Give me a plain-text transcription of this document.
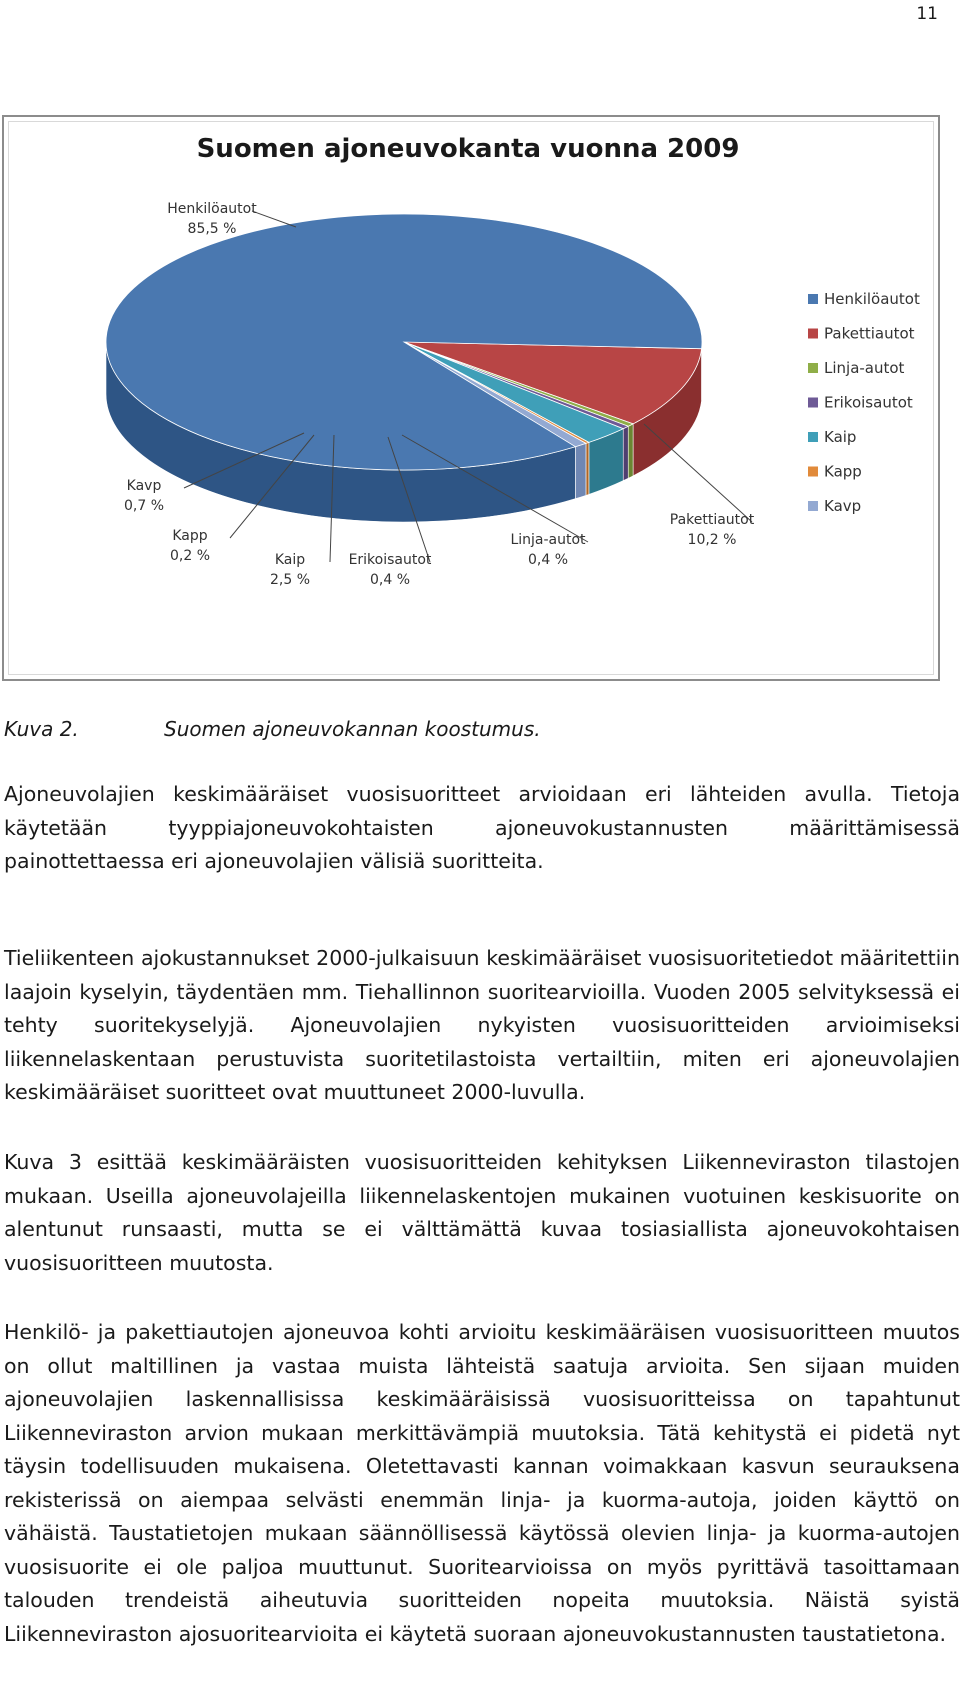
11
Suomen ajoneuvokanta vuonna 2009
Henkilöautot
85,5 %
Pakettiautot
10,2 %
Linja-autot
0,4 %
Erikoisautot
0,4 %
Kaip
2,5 %
Kapp
0,2 %
Kavp
0,7 %
Henkilöautot
Pakettiautot
Linja-autot
Erikoisautot
Kaip
Kapp
Kavp
Kuva 2.	Suomen ajoneuvokannan koostumus.

Ajoneuvolajien keskimääräiset vuosisuoritteet arvioidaan eri lähteiden avulla. Tietoja käytetään tyyppiajoneuvokohtaisten ajoneuvokustannusten määrittämisessä painottettaessa eri ajoneuvolajien välisiä suoritteita.

Tieliikenteen ajokustannukset 2000-julkaisuun keskimääräiset vuosisuoritetiedot määritettiin laajoin kyselyin, täydentäen mm. Tiehallinnon suoritearvioilla. Vuoden 2005 selvityksessä ei tehty suoritekyselyjä. Ajoneuvolajien nykyisten vuosisuoritteiden arvioimiseksi liikennelaskentaan perustuvista suoritetilastoista vertailtiin, miten eri ajoneuvolajien keskimääräiset suoritteet ovat muuttuneet 2000-luvulla.

Kuva 3 esittää keskimääräisten vuosisuoritteiden kehityksen Liikenneviraston tilastojen mukaan. Useilla ajoneuvolajeilla liikennelaskentojen mukainen vuotuinen keskisuorite on alentunut runsaasti, mutta se ei välttämättä kuvaa tosiasiallista ajoneuvokohtaisen vuosisuoritteen muutosta.

Henkilö- ja pakettiautojen ajoneuvoa kohti arvioitu keskimääräisen vuosisuoritteen muutos on ollut maltillinen ja vastaa muista lähteistä saatuja arvioita. Sen sijaan muiden ajoneuvolajien laskennallisissa keskimääräisissä vuosisuoritteissa on tapahtunut Liikenneviraston arvion mukaan merkittävämpiä muutoksia. Tätä kehitystä ei pidetä nyt täysin todellisuuden mukaisena. Oletettavasti kannan voimakkaan kasvun seurauksena rekisterissä on aiempaa selvästi enemmän linja- ja kuorma-autoja, joiden käyttö on vähäistä. Taustatietojen mukaan säännöllisessä käytössä olevien linja- ja kuorma-autojen vuosisuorite ei ole paljoa muuttunut. Suoritearvioissa on myös pyrittävä tasoittamaan talouden trendeistä aiheutuvia suoritteiden nopeita muutoksia. Näistä syistä Liikenneviraston ajosuoritearvioita ei käytetä suoraan ajoneuvokustannusten taustatietona.
